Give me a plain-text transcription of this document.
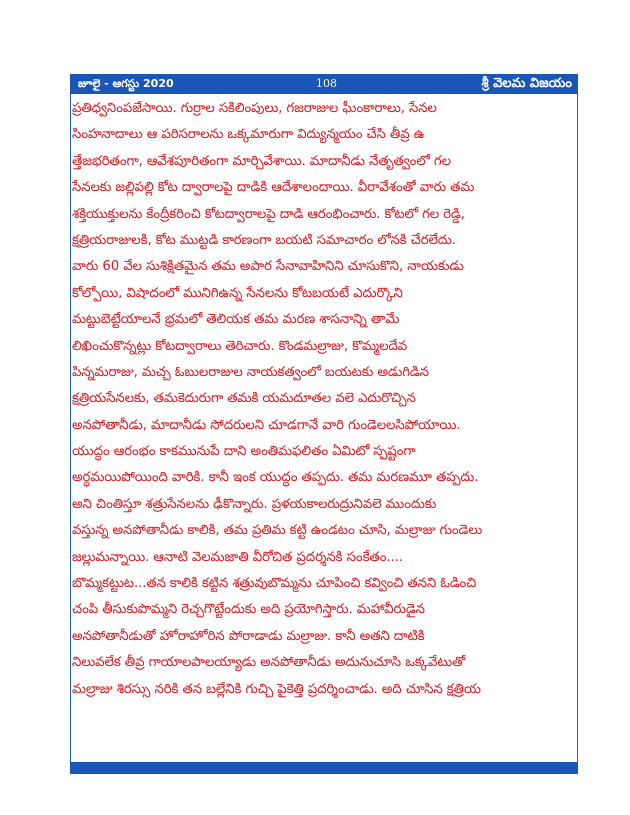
జూలై - ఆగస్టు 2020	108	శ్రీ వెలమ విజయం
ప్రతిధ్వనింపజేసాయి. గుర్రాల సకిలింపులు, గజరాజుల ఘీంకారాలు, సేనల
సింహనాదాలు ఆ పరిసరాలను ఒక్కమారుగా విద్యున్మయం చేసి తీవ్ర ఉ
త్తేజభరితంగా, ఆవేశపూరితంగా మార్చివేశాయి. మాదానీడు నేతృత్వంలో గల
సేనలకు జల్లిపల్లి కోట ద్వారాలపై దాడికి ఆదేశాలందాయి. వీరావేశంతో వారు తమ
శక్తియుక్తులను కేంద్రీకరించి కోటద్వారాలపై దాడి ఆరంభించారు. కోటలో గల రెడ్డి,
క్షత్రియరాజులకి, కోట ముట్టడి కారణంగా బయటి సమాచారం లోనకి చేరలేదు.
వారు 60 వేల సుశిక్షితమైన తమ అపార సేనావాహినిని చూసుకొని, నాయకుడు
కోల్పోయి, విషాదంలో మునిగిఉన్న సేనలను కోటబయటే ఎదుర్కొని
మట్టుబెట్టేయాలనే భ్రమలో తెలియక తమ మరణ శాసనాన్ని తామే
లిఖించుకొన్నట్లు కోటద్వారాలు తెరిచారు. కొండమల్రాజు, కొమ్మలదేవ
పిన్నమరాజు, మచ్చ ఓబులరాజుల నాయకత్వంలో బయటకు అడుగిడిన
క్షత్రియసేనలకు, తమకెదురుగా తమకి యమదూతల వలె ఎదురొచ్చిన
అనపోతానీడు, మాదానీడు సోదరులని చూడగానే వారి గుండెలలసిపోయాయి.
యుద్ధం ఆరంభం కాకమునుపే దాని అంతిమఫలితం ఏమిటో స్పష్టంగా
అర్ధమయిపోయింది వారికి. కానీ ఇంక యుద్ధం తప్పదు. తమ మరణమూ తప్పదు.
అని చింతిస్తూ శత్రుసేనలను ఢీకొన్నారు. ప్రళయకాలరుద్రునివలె ముందుకు
వస్తున్న అనపోతానీడు కాలికి, తమ ప్రతిమ కట్టి ఉండటం చూసి, మల్రాజు గుండెలు
జల్లుమన్నాయి. ఆనాటి వెలమజాతి వీరోచిత ప్రదర్శనకి సంకేతం....
బొమ్మకట్టుట...తన కాలికి కట్టిన శత్రువుబొమ్మను చూపించి కవ్వించి తనని ఓడించి
చంపి తీసుకుపొమ్మని రెచ్చగొట్టేందుకు అది ప్రయోగిస్తారు. మహావీరుడైన
అనపోతానీడుతో హోరాహోరిన పోరాడాడు మల్రాజు. కానీ అతని దాటికి
నిలువలేక తీవ్ర గాయాలపాలయ్యాడు అనపోతానీడు అదునుచూసి ఒక్కవేటుతో
మల్రాజు శిరస్సు నరికి తన బల్లేనికి గుచ్చి పైకెత్తి ప్రదర్శించాడు. అది చూసిన క్షత్రియ
